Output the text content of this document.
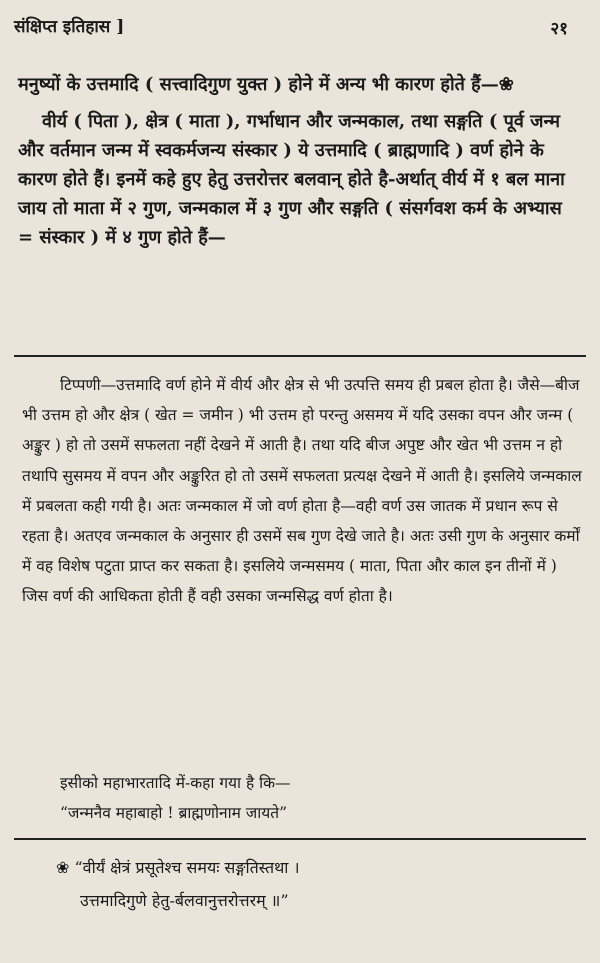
संक्षिप्त इतिहास ]	२१

मनुष्यों के उत्तमादि ( सत्त्वादिगुण युक्त ) होने में अन्य भी कारण होते हैं—❀

वीर्य ( पिता ), क्षेत्र ( माता ), गर्भाधान और जन्मकाल, तथा सङ्गति ( पूर्व जन्म और वर्तमान जन्म में स्वकर्मजन्य संस्कार ) ये उत्तमादि ( ब्राह्मणादि ) वर्ण होने के कारण होते हैं। इनमें कहे हुए हेतु उत्तरोत्तर बलवान् होते है-अर्थात् वीर्य में १ बल माना जाय तो माता में २ गुण, जन्मकाल में ३ गुण और सङ्गति ( संसर्गवश कर्म के अभ्यास = संस्कार ) में ४ गुण होते हैं—

टिप्पणी—उत्तमादि वर्ण होने में वीर्य और क्षेत्र से भी उत्पत्ति समय ही प्रबल होता है। जैसे—बीज भी उत्तम हो और क्षेत्र ( खेत = जमीन ) भी उत्तम हो परन्तु असमय में यदि उसका वपन और जन्म ( अङ्कुर ) हो तो उसमें सफलता नहीं देखने में आती है। तथा यदि बीज अपुष्ट और खेत भी उत्तम न हो तथापि सुसमय में वपन और अङ्कुरित हो तो उसमें सफलता प्रत्यक्ष देखने में आती है। इसलिये जन्मकाल में प्रबलता कही गयी है। अतः जन्मकाल में जो वर्ण होता है—वही वर्ण उस जातक में प्रधान रूप से रहता है। अतएव जन्मकाल के अनुसार ही उसमें सब गुण देखे जाते है। अतः उसी गुण के अनुसार कर्मों में वह विशेष पटुता प्राप्त कर सकता है। इसलिये जन्मसमय ( माता, पिता और काल इन तीनों में ) जिस वर्ण की आधिकता होती हैं वही उसका जन्मसिद्ध वर्ण होता है।

इसीको महाभारतादि में-कहा गया है कि—
“जन्मनैव महाबाहो ! ब्राह्मणोनाम जायते”
❀ “वीर्यं क्षेत्रं प्रसूतेश्च समयः सङ्गतिस्तथा ।
उत्तमादिगुणे हेतु-र्बलवानुत्तरोत्तरम् ॥”
